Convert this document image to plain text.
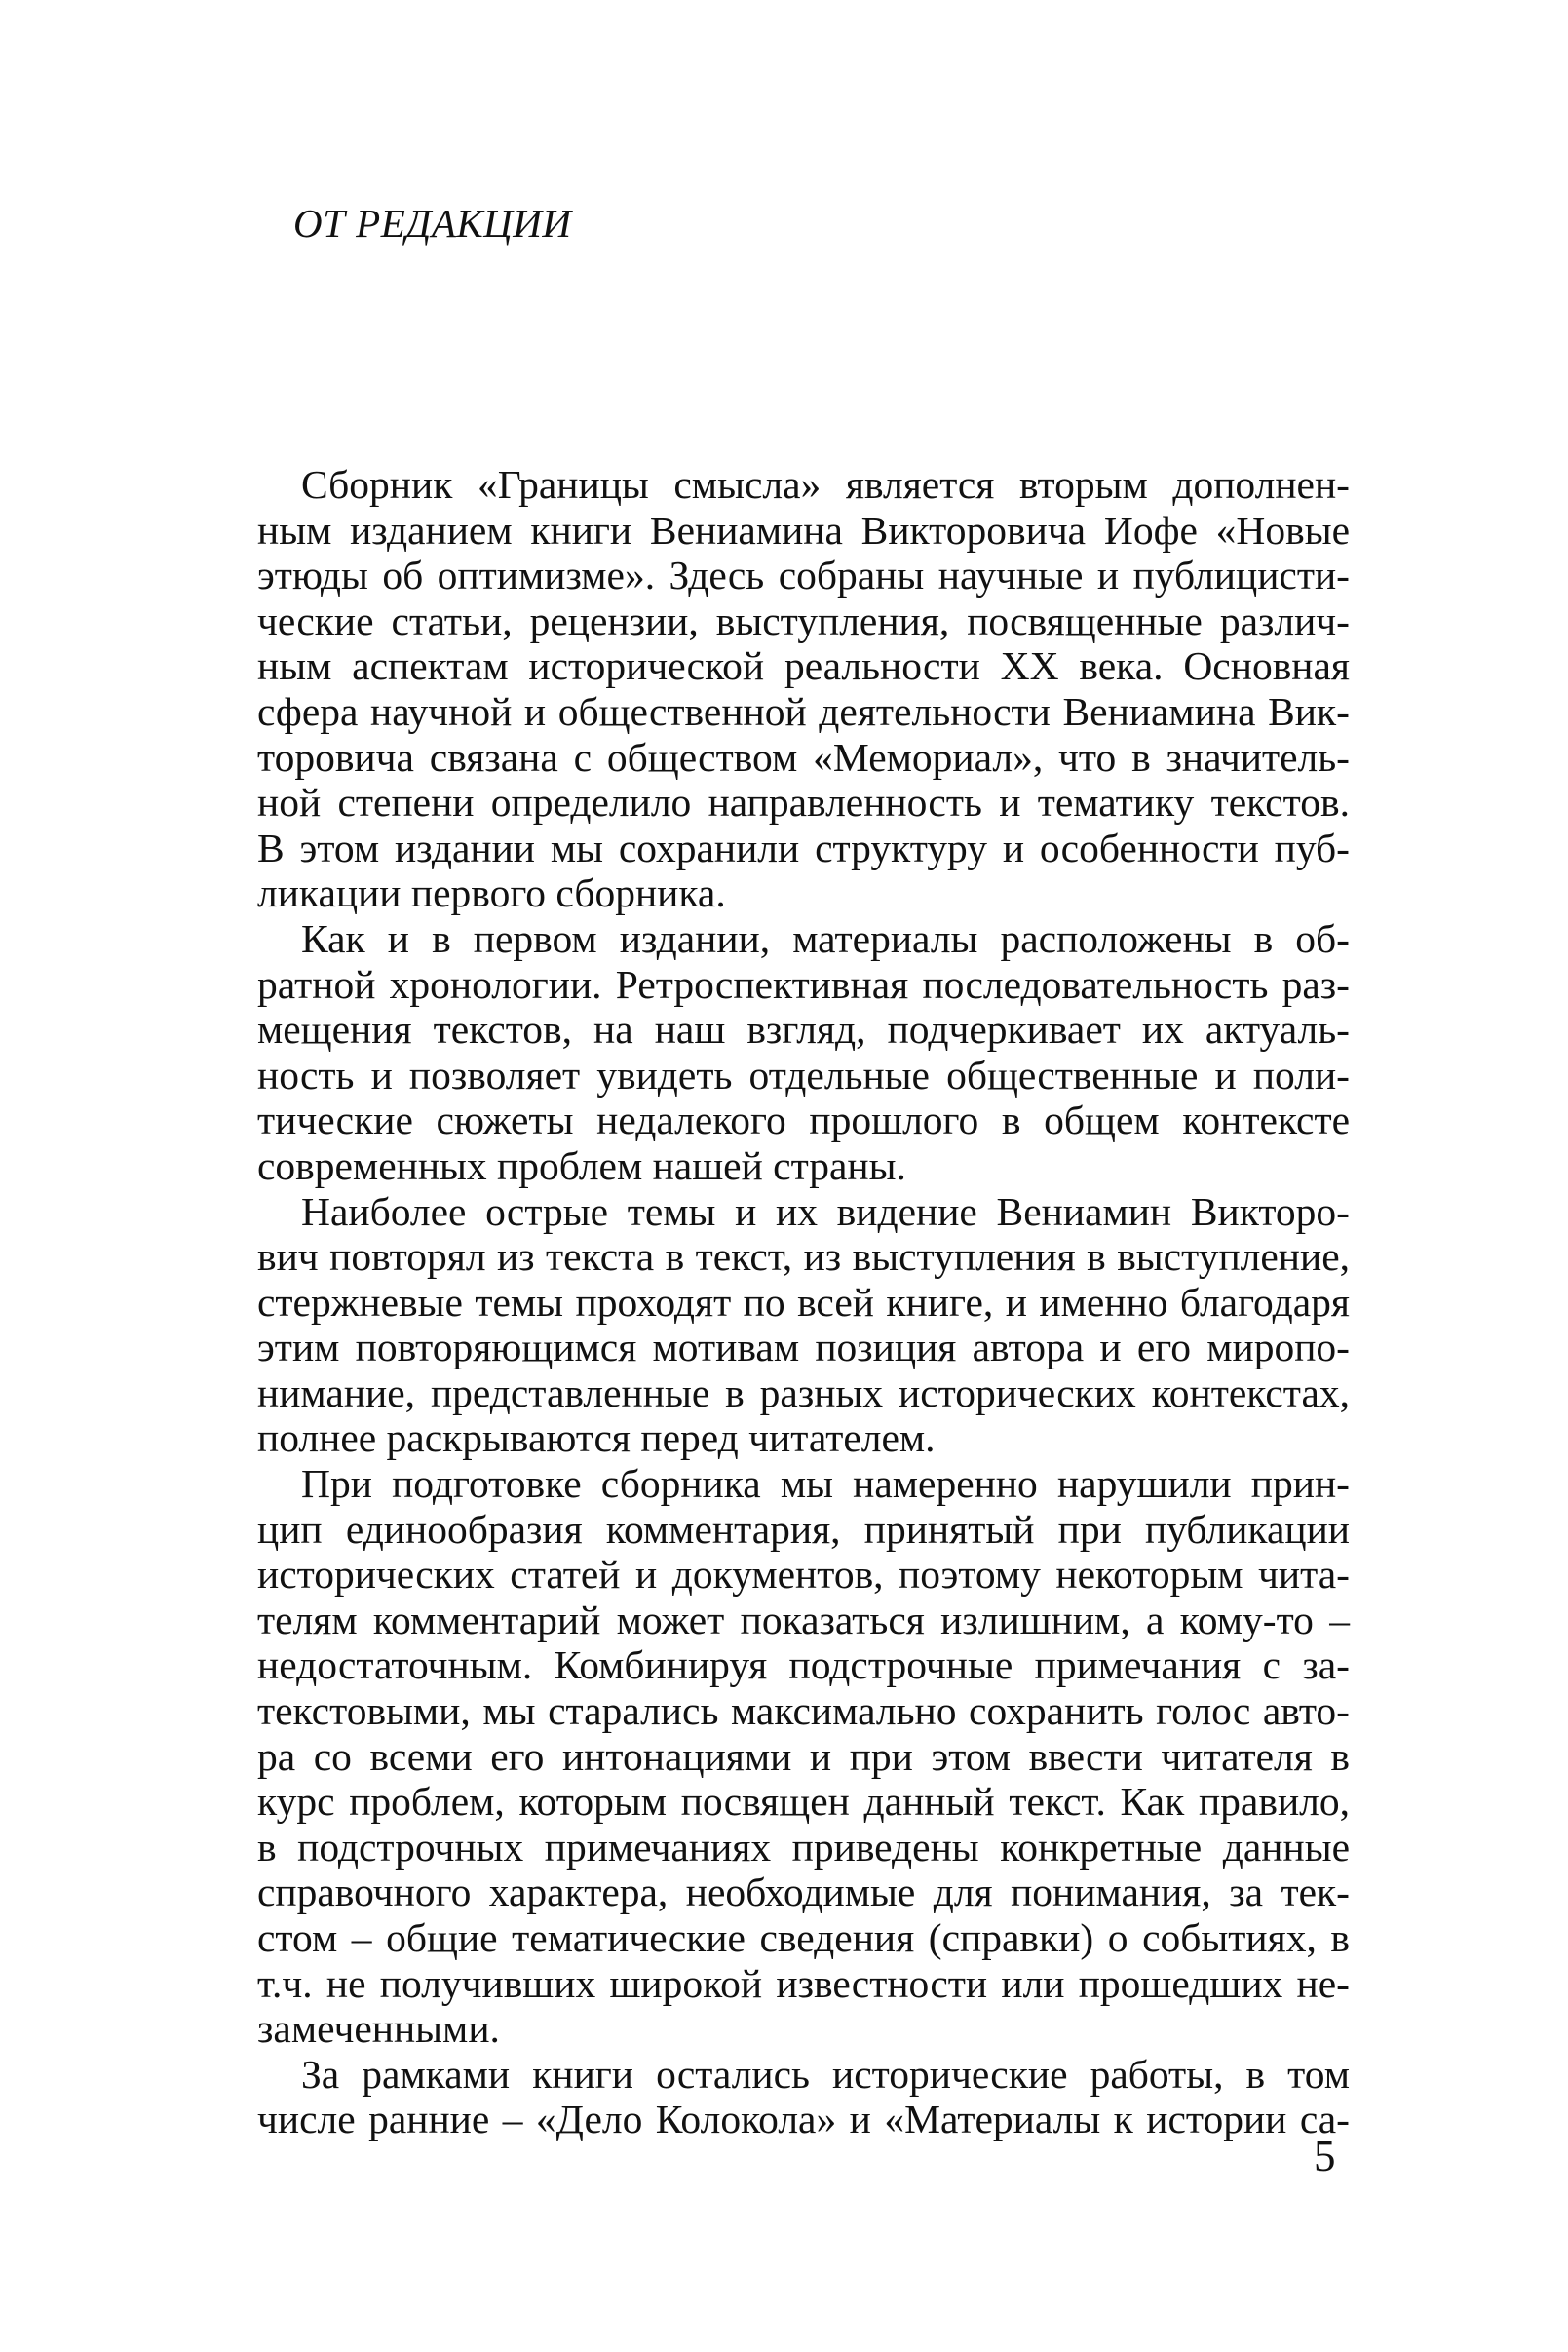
ОТ РЕДАКЦИИ
Сборник «Границы смысла» является вторым дополнен-
ным изданием книги Вениамина Викторовича Иофе «Новые
этюды об оптимизме». Здесь собраны научные и публицисти-
ческие статьи, рецензии, выступления, посвященные различ-
ным аспектам исторической реальности XX века. Основная
сфера научной и общественной деятельности Вениамина Вик-
торовича связана с обществом «Мемориал», что в значитель-
ной степени определило направленность и тематику текстов.
В этом издании мы сохранили структуру и особенности пуб-
ликации первого сборника.
Как и в первом издании, материалы расположены в об-
ратной хронологии. Ретроспективная последовательность раз-
мещения текстов, на наш взгляд, подчеркивает их актуаль-
ность и позволяет увидеть отдельные общественные и поли-
тические сюжеты недалекого прошлого в общем контексте
современных проблем нашей страны.
Наиболее острые темы и их видение Вениамин Викторо-
вич повторял из текста в текст, из выступления в выступление,
стержневые темы проходят по всей книге, и именно благодаря
этим повторяющимся мотивам позиция автора и его миропо-
нимание, представленные в разных исторических контекстах,
полнее раскрываются перед читателем.
При подготовке сборника мы намеренно нарушили прин-
цип единообразия комментария, принятый при публикации
исторических статей и документов, поэтому некоторым чита-
телям комментарий может показаться излишним, а кому-то –
недостаточным. Комбинируя подстрочные примечания с за-
текстовыми, мы старались максимально сохранить голос авто-
ра со всеми его интонациями и при этом ввести читателя в
курс проблем, которым посвящен данный текст. Как правило,
в подстрочных примечаниях приведены конкретные данные
справочного характера, необходимые для понимания, за тек-
стом – общие тематические сведения (справки) о событиях, в
т.ч. не получивших широкой известности или прошедших не-
замеченными.
За рамками книги остались исторические работы, в том
числе ранние – «Дело Колокола» и «Материалы к истории са-
5
